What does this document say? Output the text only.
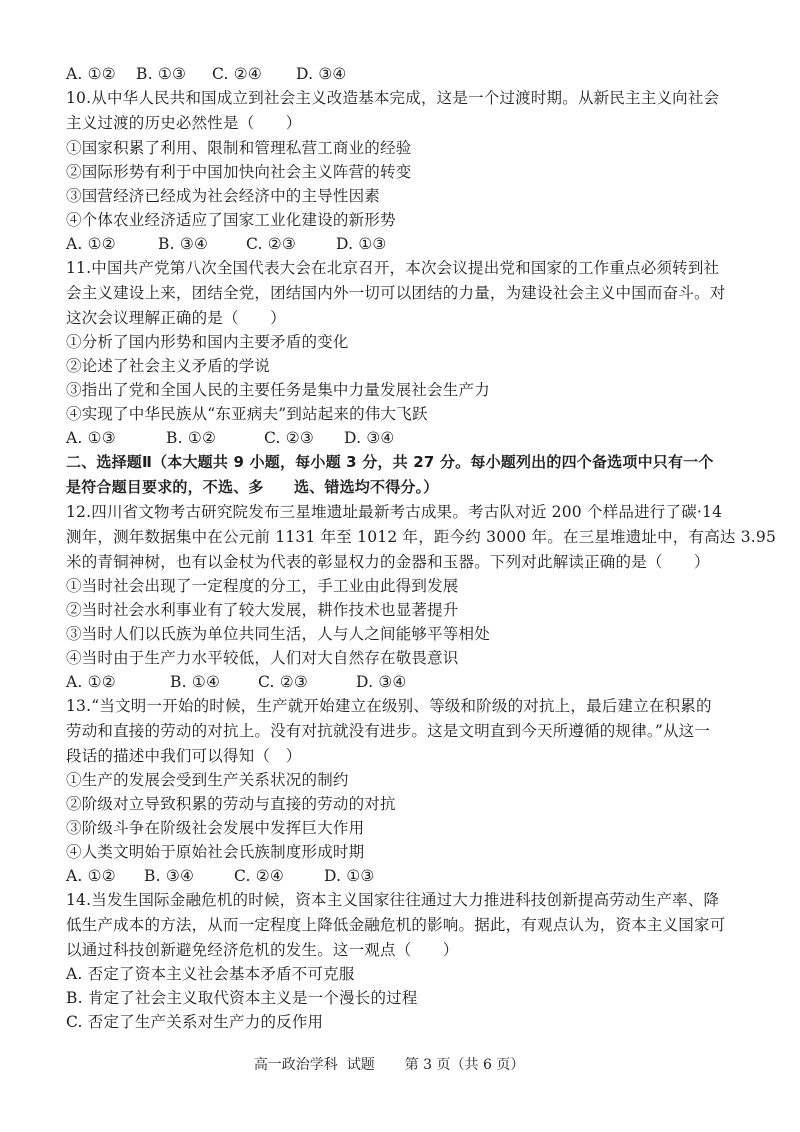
A. ①②	B. ①③	C. ②④	D. ③④
10.从中华人民共和国成立到社会主义改造基本完成，这是一个过渡时期。从新民主主义向社会
主义过渡的历史必然性是（　　）
①国家积累了利用、限制和管理私营工商业的经验
②国际形势有利于中国加快向社会主义阵营的转变
③国营经济已经成为社会经济中的主导性因素
④个体农业经济适应了国家工业化建设的新形势
A. ①②	B. ③④	C. ②③	D. ①③
11.中国共产党第八次全国代表大会在北京召开，本次会议提出党和国家的工作重点必须转到社
会主义建设上来，团结全党，团结国内外一切可以团结的力量，为建设社会主义中国而奋斗。对
这次会议理解正确的是（　　）
①分析了国内形势和国内主要矛盾的变化
②论述了社会主义矛盾的学说
③指出了党和全国人民的主要任务是集中力量发展社会生产力
④实现了中华民族从“东亚病夫”到站起来的伟大飞跃
A. ①③	B. ①②	C. ②③	D. ③④
二、选择题Ⅱ（本大题共 9 小题，每小题 3 分，共 27 分。每小题列出的四个备选项中只有一个
是符合题目要求的，不选、多　　选、错选均不得分。）
12.四川省文物考古研究院发布三星堆遗址最新考古成果。考古队对近 200 个样品进行了碳·14
测年，测年数据集中在公元前 1131 年至 1012 年，距今约 3000 年。在三星堆遗址中，有高达 3.95
米的青铜神树，也有以金杖为代表的彰显权力的金器和玉器。下列对此解读正确的是（　　）
①当时社会出现了一定程度的分工，手工业由此得到发展
②当时社会水利事业有了较大发展，耕作技术也显著提升
③当时人们以氏族为单位共同生活，人与人之间能够平等相处
④当时由于生产力水平较低，人们对大自然存在敬畏意识
A. ①②	B. ①④	C. ②③	D. ③④
13.“当文明一开始的时候，生产就开始建立在级别、等级和阶级的对抗上，最后建立在积累的
劳动和直接的劳动的对抗上。没有对抗就没有进步。这是文明直到今天所遵循的规律。”从这一
段话的描述中我们可以得知（　）
①生产的发展会受到生产关系状况的制约
②阶级对立导致积累的劳动与直接的劳动的对抗
③阶级斗争在阶级社会发展中发挥巨大作用
④人类文明始于原始社会氏族制度形成时期
A. ①②	B. ③④	C. ②④	D. ①③
14.当发生国际金融危机的时候，资本主义国家往往通过大力推进科技创新提高劳动生产率、降
低生产成本的方法，从而一定程度上降低金融危机的影响。据此，有观点认为，资本主义国家可
以通过科技创新避免经济危机的发生。这一观点（　　）
A. 否定了资本主义社会基本矛盾不可克服
B. 肯定了社会主义取代资本主义是一个漫长的过程
C. 否定了生产关系对生产力的反作用

高一政治学科  试题 第 3 页（共 6 页）
